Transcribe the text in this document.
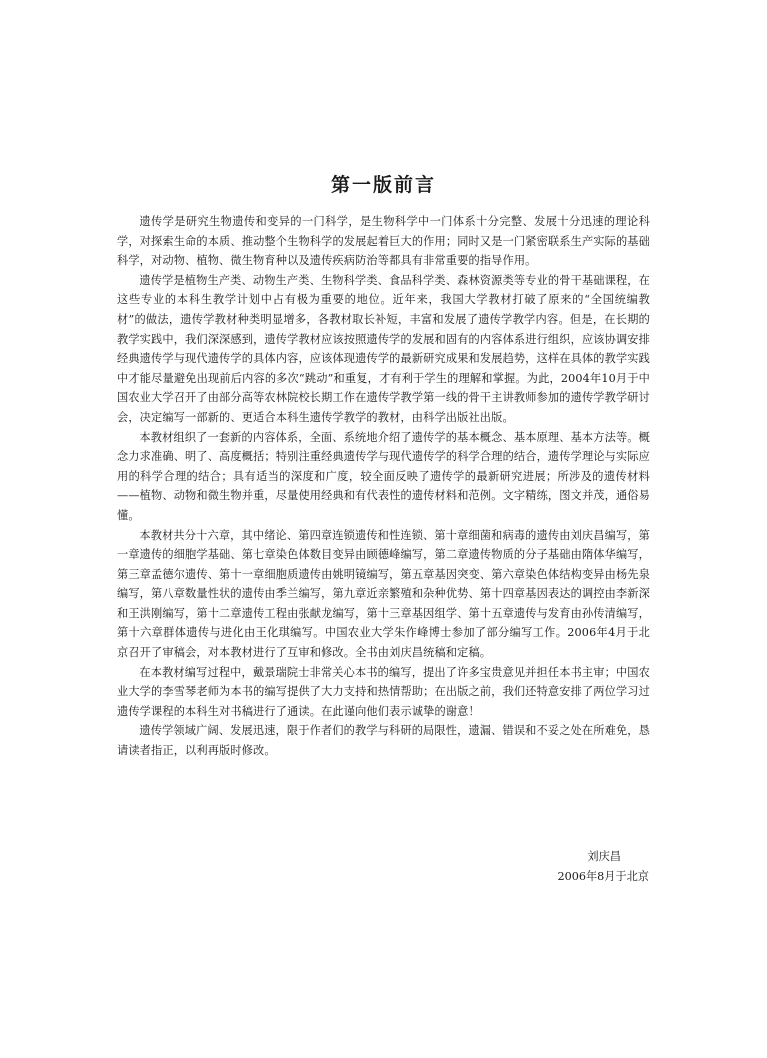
第一版前言

遗传学是研究生物遗传和变异的一门科学，是生物科学中一门体系十分完整、发展十分迅速的理论科学，对探索生命的本质、推动整个生物科学的发展起着巨大的作用；同时又是一门紧密联系生产实际的基础科学，对动物、植物、微生物育种以及遗传疾病防治等都具有非常重要的指导作用。

遗传学是植物生产类、动物生产类、生物科学类、食品科学类、森林资源类等专业的骨干基础课程，在这些专业的本科生教学计划中占有极为重要的地位。近年来，我国大学教材打破了原来的“全国统编教材”的做法，遗传学教材种类明显增多，各教材取长补短，丰富和发展了遗传学教学内容。但是，在长期的教学实践中，我们深深感到，遗传学教材应该按照遗传学的发展和固有的内容体系进行组织，应该协调安排经典遗传学与现代遗传学的具体内容，应该体现遗传学的最新研究成果和发展趋势，这样在具体的教学实践中才能尽量避免出现前后内容的多次“跳动”和重复，才有利于学生的理解和掌握。为此，2004年10月于中国农业大学召开了由部分高等农林院校长期工作在遗传学教学第一线的骨干主讲教师参加的遗传学教学研讨会，决定编写一部新的、更适合本科生遗传学教学的教材，由科学出版社出版。

本教材组织了一套新的内容体系，全面、系统地介绍了遗传学的基本概念、基本原理、基本方法等。概念力求准确、明了、高度概括；特别注重经典遗传学与现代遗传学的科学合理的结合，遗传学理论与实际应用的科学合理的结合；具有适当的深度和广度，较全面反映了遗传学的最新研究进展；所涉及的遗传材料——植物、动物和微生物并重，尽量使用经典和有代表性的遗传材料和范例。文字精练，图文并茂，通俗易懂。

本教材共分十六章，其中绪论、第四章连锁遗传和性连锁、第十章细菌和病毒的遗传由刘庆昌编写，第一章遗传的细胞学基础、第七章染色体数目变异由顾德峰编写，第二章遗传物质的分子基础由隋体华编写，第三章孟德尔遗传、第十一章细胞质遗传由姚明镜编写，第五章基因突变、第六章染色体结构变异由杨先泉编写，第八章数量性状的遗传由季兰编写，第九章近亲繁殖和杂种优势、第十四章基因表达的调控由李新深和王洪刚编写，第十二章遗传工程由张献龙编写，第十三章基因组学、第十五章遗传与发育由孙传清编写，第十六章群体遗传与进化由王化琪编写。中国农业大学朱作峰博士参加了部分编写工作。2006年4月于北京召开了审稿会，对本教材进行了互审和修改。全书由刘庆昌统稿和定稿。

在本教材编写过程中，戴景瑞院士非常关心本书的编写，提出了许多宝贵意见并担任本书主审；中国农业大学的李雪琴老师为本书的编写提供了大力支持和热情帮助；在出版之前，我们还特意安排了两位学习过遗传学课程的本科生对书稿进行了通读。在此谨向他们表示诚挚的谢意！

遗传学领域广阔、发展迅速，限于作者们的教学与科研的局限性，遗漏、错误和不妥之处在所难免，恳请读者指正，以利再版时修改。

刘庆昌
2006年8月于北京
